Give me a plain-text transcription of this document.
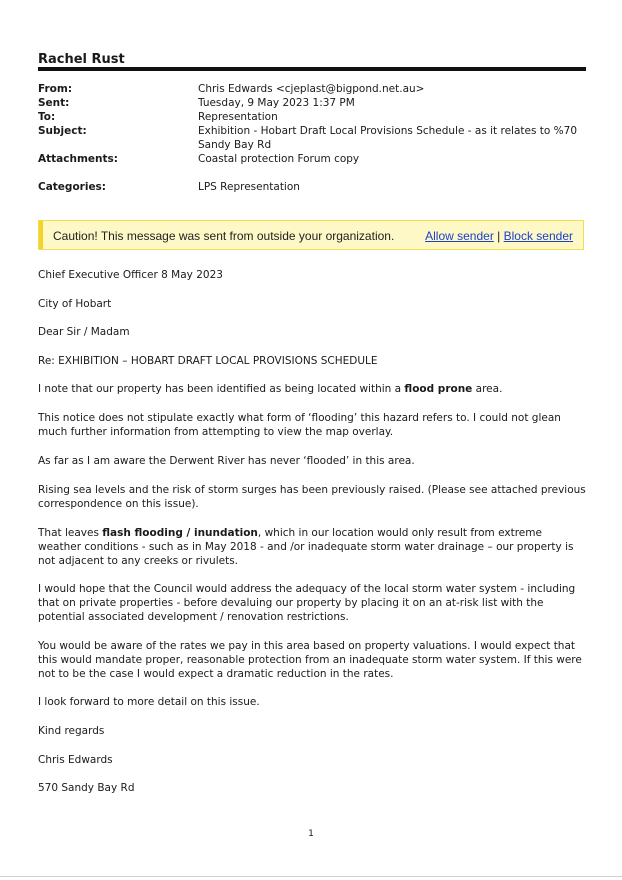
Rachel Rust
From:	Chris Edwards <cjeplast@bigpond.net.au>
Sent:	Tuesday, 9 May 2023 1:37 PM
To:	Representation
Subject:	Exhibition - Hobart Draft Local Provisions Schedule - as it relates to %70 Sandy Bay Rd
Attachments:	Coastal protection Forum copy
Categories:	LPS Representation
Caution! This message was sent from outside your organization.	Allow sender | Block sender
Chief Executive Officer 8 May 2023
City of Hobart
Dear Sir / Madam
Re: EXHIBITION – HOBART DRAFT LOCAL PROVISIONS SCHEDULE
I note that our property has been identified as being located within a flood prone area.
This notice does not stipulate exactly what form of ‘flooding’ this hazard refers to. I could not glean much further information from attempting to view the map overlay.
As far as I am aware the Derwent River has never ‘flooded’ in this area.
Rising sea levels and the risk of storm surges has been previously raised. (Please see attached previous correspondence on this issue).
That leaves flash flooding / inundation, which in our location would only result from extreme weather conditions - such as in May 2018 - and /or inadequate storm water drainage – our property is not adjacent to any creeks or rivulets.
I would hope that the Council would address the adequacy of the local storm water system - including that on private properties - before devaluing our property by placing it on an at-risk list with the potential associated development / renovation restrictions.
You would be aware of the rates we pay in this area based on property valuations. I would expect that this would mandate proper, reasonable protection from an inadequate storm water system. If this were not to be the case I would expect a dramatic reduction in the rates.
I look forward to more detail on this issue.
Kind regards
Chris Edwards
570 Sandy Bay Rd
1
